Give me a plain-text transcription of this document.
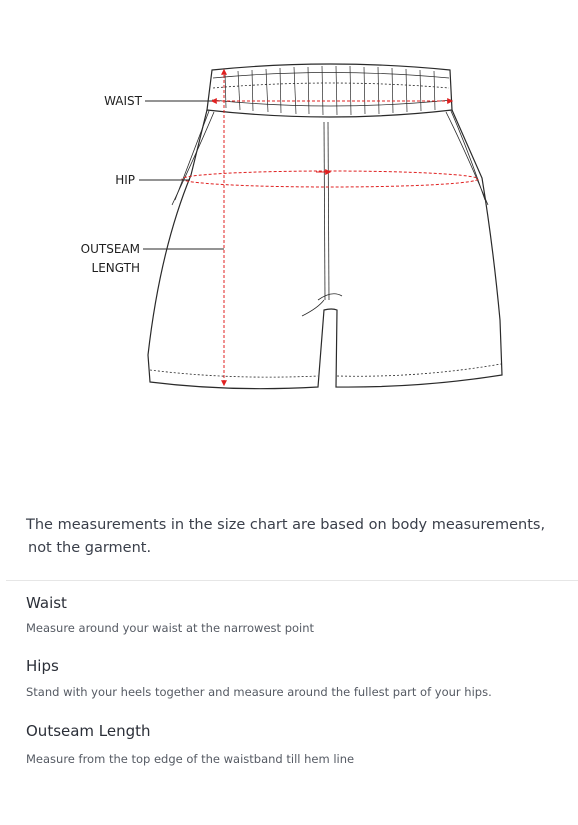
WAIST
HIP
OUTSEAM
LENGTH

The measurements in the size chart are based on body measurements,
not the garment.

Waist

Measure around your waist at the narrowest point

Hips

Stand with your heels together and measure around the fullest part of your hips.

Outseam Length

Measure from the top edge of the waistband till hem line
